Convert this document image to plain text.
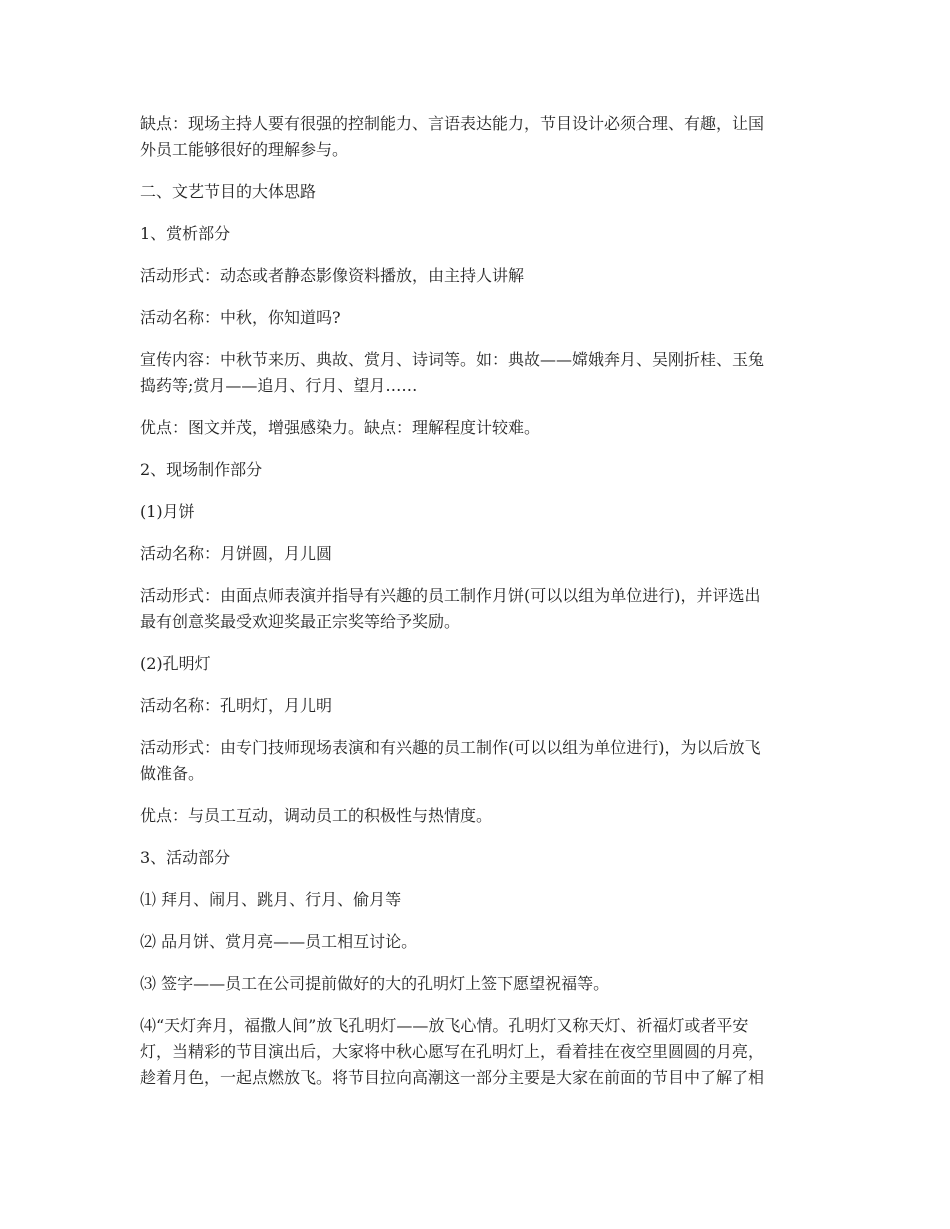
缺点：现场主持人要有很强的控制能力、言语表达能力，节目设计必须合理、有趣，让国
外员工能够很好的理解参与。

二、文艺节目的大体思路

1、赏析部分

活动形式：动态或者静态影像资料播放，由主持人讲解

活动名称：中秋，你知道吗?

宣传内容：中秋节来历、典故、赏月、诗词等。如：典故——嫦娥奔月、吴刚折桂、玉兔
捣药等;赏月——追月、行月、望月……

优点：图文并茂，增强感染力。缺点：理解程度计较难。

2、现场制作部分

(1)月饼

活动名称：月饼圆，月儿圆

活动形式：由面点师表演并指导有兴趣的员工制作月饼(可以以组为单位进行)，并评选出
最有创意奖最受欢迎奖最正宗奖等给予奖励。

(2)孔明灯

活动名称：孔明灯，月儿明

活动形式：由专门技师现场表演和有兴趣的员工制作(可以以组为单位进行)，为以后放飞
做准备。

优点：与员工互动，调动员工的积极性与热情度。

3、活动部分

⑴ 拜月、闹月、跳月、行月、偷月等

⑵ 品月饼、赏月亮——员工相互讨论。

⑶ 签字——员工在公司提前做好的大的孔明灯上签下愿望祝福等。

⑷“天灯奔月，福撒人间”放飞孔明灯——放飞心情。孔明灯又称天灯、祈福灯或者平安
灯，当精彩的节目演出后，大家将中秋心愿写在孔明灯上，看着挂在夜空里圆圆的月亮，
趁着月色，一起点燃放飞。将节目拉向高潮这一部分主要是大家在前面的节目中了解了相
